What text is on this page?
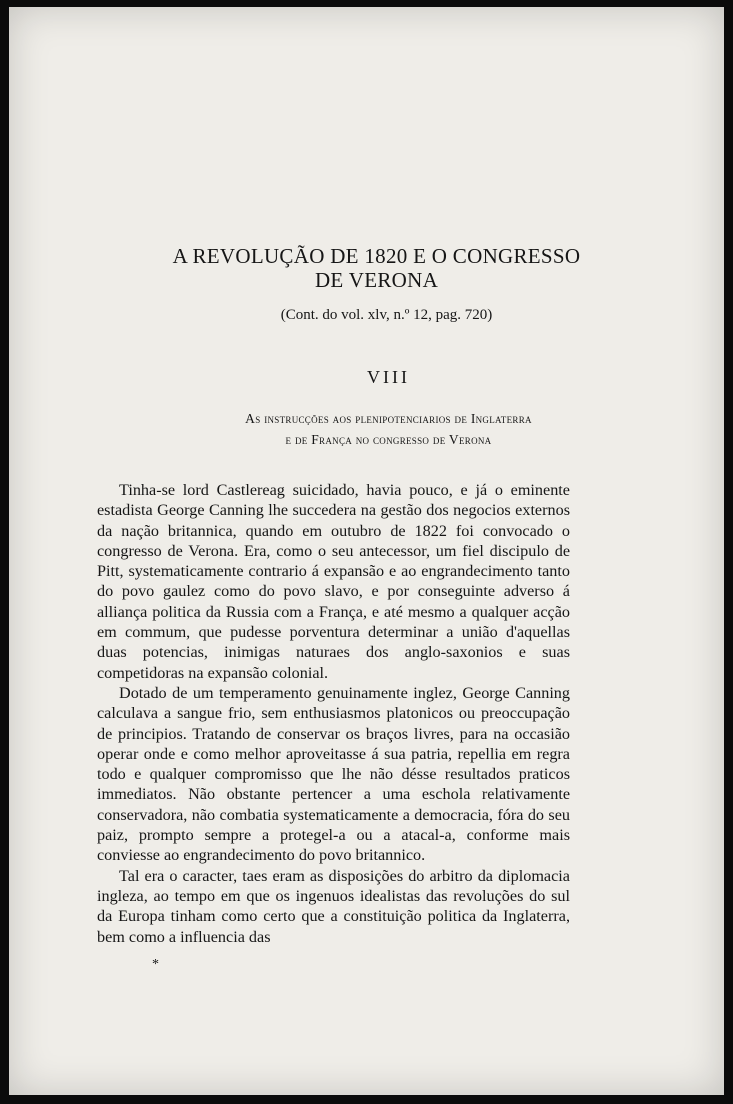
A REVOLUÇÃO DE 1820 E O CONGRESSO
DE VERONA
(Cont. do vol. xlv, n.º 12, pag. 720)
VIII
As instrucções aos plenipotenciarios de Inglaterra
e de França no congresso de Verona

Tinha-se lord Castlereag suicidado, havia pouco, e já o eminente estadista George Canning lhe succedera na gestão dos negocios externos da nação britannica, quando em outubro de 1822 foi convocado o congresso de Verona. Era, como o seu antecessor, um fiel discipulo de Pitt, systematicamente contrario á expansão e ao engrandecimento tanto do povo gaulez como do povo slavo, e por conseguinte adverso á alliança politica da Russia com a França, e até mesmo a qualquer acção em commum, que pudesse porventura determinar a união d'aquellas duas potencias, inimigas naturaes dos anglo-saxonios e suas competidoras na expansão colonial.

Dotado de um temperamento genuinamente inglez, George Canning calculava a sangue frio, sem enthusiasmos platonicos ou preoccupação de principios. Tratando de conservar os braços livres, para na occasião operar onde e como melhor aproveitasse á sua patria, repellia em regra todo e qualquer compromisso que lhe não désse resultados praticos immediatos. Não obstante pertencer a uma eschola relativamente conservadora, não combatia systematicamente a democracia, fóra do seu paiz, prompto sempre a protegel-a ou a atacal-a, conforme mais conviesse ao engrandecimento do povo britannico.

Tal era o caracter, taes eram as disposições do arbitro da diplomacia ingleza, ao tempo em que os ingenuos idealistas das revoluções do sul da Europa tinham como certo que a constituição politica da Inglaterra, bem como a influencia das

*
